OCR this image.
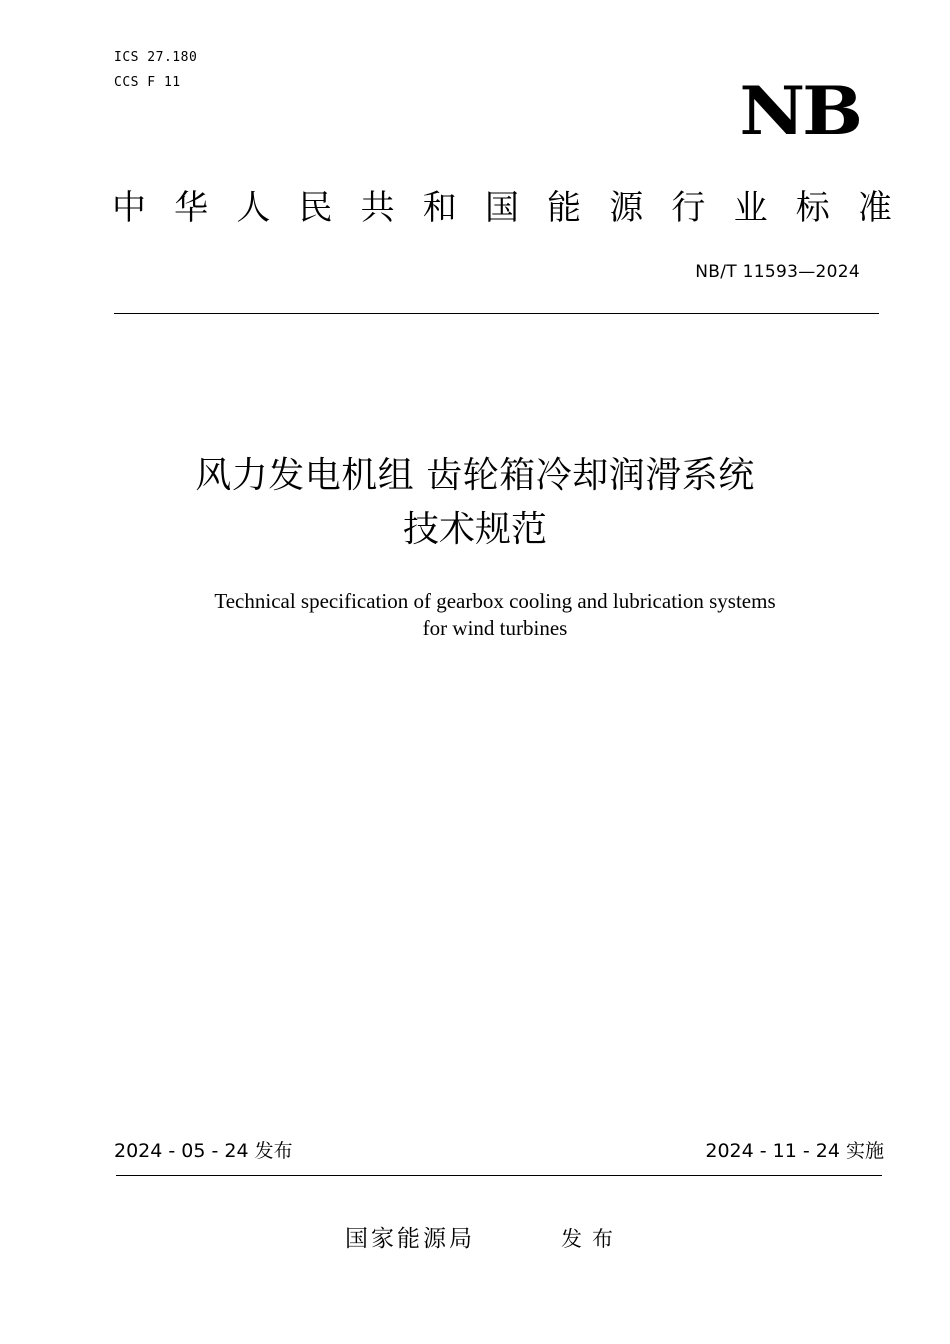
ICS 27.180
CCS F 11	NB
中 华 人 民 共 和 国 能 源 行 业 标 准
NB/T 11593—2024
风力发电机组 齿轮箱冷却润滑系统
技术规范
Technical specification of gearbox cooling and lubrication systems
for wind turbines
2024 - 05 - 24 发布	2024 - 11 - 24 实施
国家能源局	发布
